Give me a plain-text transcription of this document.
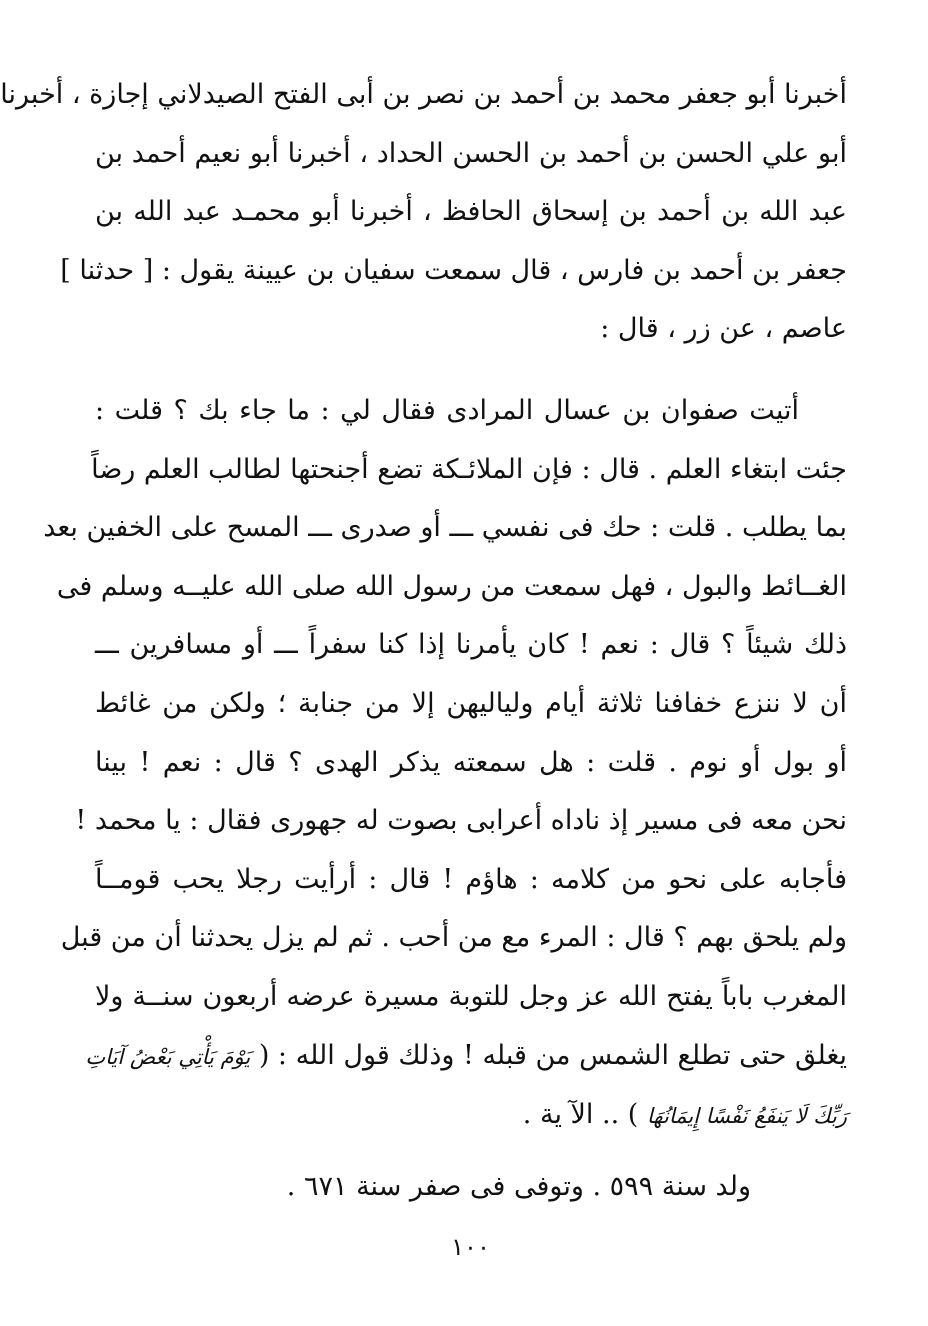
أخبرنا أبو جعفر محمد بن أحمد بن نصر بن أبى الفتح الصيدلاني إجازة ، أخبرنا
أبو علي الحسن بن أحمد بن الحسن الحداد ، أخبرنا أبو نعيم أحمد بن
عبد الله بن أحمد بن إسحاق الحافظ ، أخبرنا أبو محمـد عبد الله بن
جعفر بن أحمد بن فارس ، قال سمعت سفيان بن عيينة يقول : [ حدثنا ]
عاصم ، عن زر ، قال :
أتيت صفوان بن عسال المرادى فقال لي : ما جاء بك ؟ قلت :
جئت ابتغاء العلم . قال : فإن الملائـكة تضع أجنحتها لطالب العلم رضاً
بما يطلب . قلت : حك فى نفسي ـــ أو صدرى ـــ المسح على الخفين بعد
الغــائط والبول ، فهل سمعت من رسول الله صلى الله عليــه وسلم فى
ذلك شيئاً ؟ قال : نعم ! كان يأمرنا إذا كنا سفراً ـــ أو مسافرين ـــ
أن لا ننزع خفافنا ثلاثة أيام ولياليهن إلا من جنابة ؛ ولكن من غائط
أو بول أو نوم . قلت : هل سمعته يذكر الهدى ؟ قال : نعم ! بينا
نحن معه فى مسير إذ ناداه أعرابى بصوت له جهورى فقال : يا محمد !
فأجابه على نحو من كلامه : هاؤم ! قال : أرأيت رجلا يحب قومــاً
ولم يلحق بهم ؟ قال : المرء مع من أحب . ثم لم يزل يحدثنا أن من قبل
المغرب باباً يفتح الله عز وجل للتوبة مسيرة عرضه أربعون سنــة ولا
يغلق حتى تطلع الشمس من قبله ! وذلك قول الله : ( يَوْمَ يَأْتِي بَعْضُ آيَاتِ
رَبِّكَ لَا يَنفَعُ نَفْسًا إِيمَانُهَا ) .. الآ ية .
ولد سنة ٥٩٩ . وتوفى فى صفر سنة ٦٧١ .
١٠٠
